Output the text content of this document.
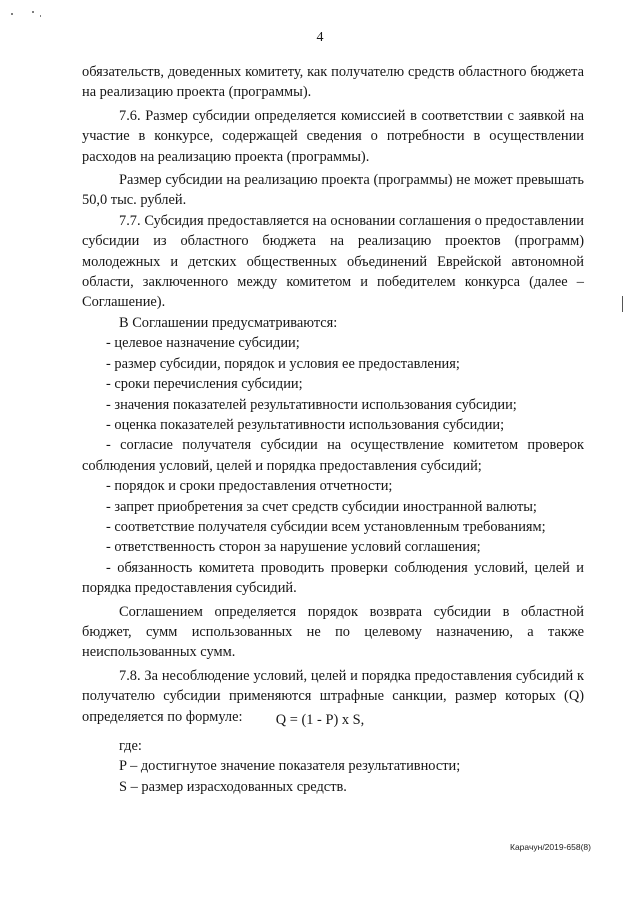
4

обязательств, доведенных комитету, как получателю средств областного бюджета на реализацию проекта (программы).

7.6. Размер субсидии определяется комиссией в соответствии с заявкой на участие в конкурсе, содержащей сведения о потребности в осуществлении расходов на реализацию проекта (программы).

Размер субсидии на реализацию проекта (программы) не может превышать 50,0 тыс. рублей.

7.7. Субсидия предоставляется на основании соглашения о предоставлении субсидии из областного бюджета на реализацию проектов (программ) молодежных и детских общественных объединений Еврейской автономной области, заключенного между комитетом и победителем конкурса (далее – Соглашение).

В Соглашении предусматриваются:

- целевое назначение субсидии;

- размер субсидии, порядок и условия ее предоставления;

- сроки перечисления субсидии;

- значения показателей результативности использования субсидии;

- оценка показателей результативности использования субсидии;

- согласие получателя субсидии на осуществление комитетом проверок соблюдения условий, целей и порядка предоставления субсидий;

- порядок и сроки предоставления отчетности;

- запрет приобретения за счет средств субсидии иностранной валюты;

- соответствие получателя субсидии всем установленным требованиям;

- ответственность сторон за нарушение условий соглашения;

- обязанность комитета проводить проверки соблюдения условий, целей и порядка предоставления субсидий.

Соглашением определяется порядок возврата субсидии в областной бюджет, сумм использованных не по целевому назначению, а также неиспользованных сумм.

7.8. За несоблюдение условий, целей и порядка предоставления субсидий к получателю субсидии применяются штрафные санкции, размер которых (Q) определяется по формуле:	Q = (1 - P) x S,

где:

P – достигнутое значение показателя результативности;

S – размер израсходованных средств.

Карачун/2019-658(8)
